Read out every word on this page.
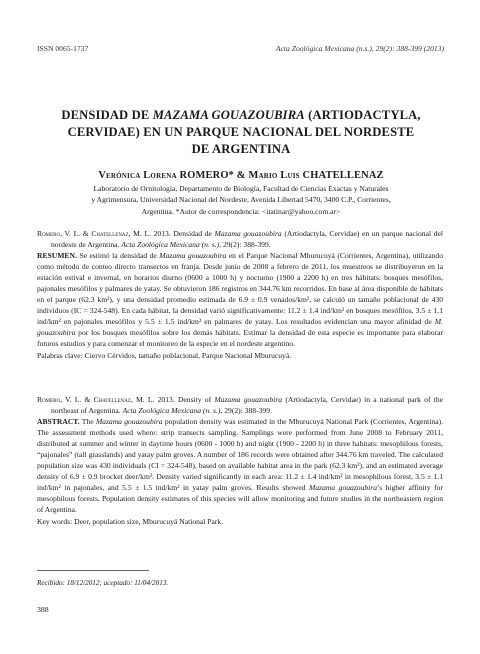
ISSN 0065-1737	Acta Zoológica Mexicana (n.s.), 29(2): 388-399 (2013)
DENSIDAD DE MAZAMA GOUAZOUBIRA (ARTIODACTYLA,
CERVIDAE) EN UN PARQUE NACIONAL DEL NORDESTE
DE ARGENTINA
Verónica Lorena ROMERO* & Mario Luis CHATELLENAZ
Laboratorio de Ornitología, Departamento de Biología, Facultad de Ciencias Exactas y Naturales
y Agrimensura, Universidad Nacional del Nordeste, Avenida Libertad 5470, 3400 C.P., Corrientes,
Argentina. *Autor de correspondencia: <itatinar@yahoo.com.ar>

Romero, V. L. & Chatellenaz, M. L. 2013. Densidad de Mazama gouazoubira (Artiodactyla, Cervidae) en un parque nacional del nordeste de Argentina. Acta Zoológica Mexicana (n. s.), 29(2): 388-399.

RESUMEN. Se estimó la densidad de Mazama gouazoubira en el Parque Nacional Mburucuyá (Corrientes, Argentina), utilizando como método de conteo directo transectos en franja. Desde junio de 2008 a febrero de 2011, los muestreos se distribuyeron en la estación estival e invernal, en horarios diurno (0600 a 1000 h) y nocturno (1900 a 2200 h) en tres hábitats: bosques mesófilos, pajonales mesófilos y palmares de yatay. Se obtuvieron 186 registros en 344.76 km recorridos. En base al área disponible de hábitats en el parque (62.3 km²), y una densidad promedio estimada de 6.9 ± 0.9 venados/km², se calculó un tamaño poblacional de 430 individuos (IC = 324-548). En cada hábitat, la densidad varió significativamente: 11.2 ± 1.4 ind/km² en bosques mesófilos, 3.5 ± 1.1 ind/km² en pajonales mesófilos y 5.5 ± 1.5 ind/km² en palmares de yatay. Los resultados evidencian una mayor afinidad de M. gouazoubira por los bosques mesófilos sobre los demás hábitats. Estimar la densidad de esta especie es importante para elaborar futuros estudios y para comenzar el monitoreo de la especie en el nordeste argentino.

Palabras clave: Ciervo Cérvidos, tamaño poblacional, Parque Nacional Mburucuyá.

Romero, V. L. & Chatellenaz, M. L. 2013. Density of Mazama gouazoubira (Artiodactyla, Cervidae) in a national park of the northeast of Argentina. Acta Zoológica Mexicana (n. s.), 29(2): 388-399.

ABSTRACT. The Mazama gouazoubira population density was estimated in the Mburucuyá National Park (Corrientes, Argentina). The assessment methods used where: strip transects sampling. Samplings were performed from June 2008 to February 2011, distributed at summer and winter in daytime hours (0600 - 1000 h) and night (1900 - 2200 h) in three habitats: mesophilous forests, “pajonales” (tall grasslands) and yatay palm groves. A number of 186 records were obtained after 344.76 km traveled. The calculated population size was 430 individuals (CI = 324-548), based on available habitat area in the park (62.3 km²), and an estimated average density of 6.9 ± 0.9 brocket deer/km². Density varied significantly in each area: 11.2 ± 1.4 ind/km² in mesophilous forest, 3.5 ± 1.1 ind/km² in pajonales, and 5.5 ± 1.5 ind/km² in yatay palm groves. Results showed Mazama gouazoubira’s higher affinity for mesophilous forests. Population density estimates of this species will allow monitoring and future studies in the northeastern region of Argentina.

Key words: Deer, population size, Mburucuyá National Park.

Recibido: 18/12/2012; aceptado: 11/04/2013.
388
